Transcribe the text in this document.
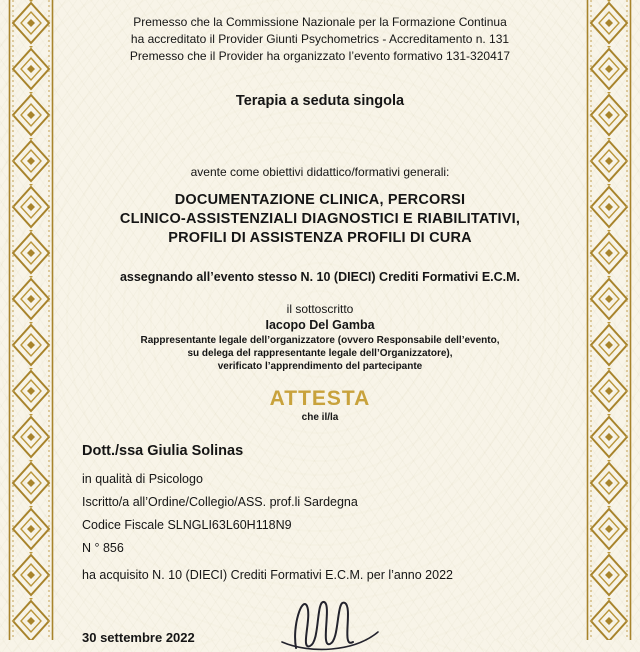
Premesso che la Commissione Nazionale per la Formazione Continua
ha accreditato il Provider Giunti Psychometrics - Accreditamento n. 131
Premesso che il Provider ha organizzato l’evento formativo 131-320417
Terapia a seduta singola
avente come obiettivi didattico/formativi generali:
DOCUMENTAZIONE CLINICA, PERCORSI
CLINICO-ASSISTENZIALI DIAGNOSTICI E RIABILITATIVI,
PROFILI DI ASSISTENZA PROFILI DI CURA
assegnando all’evento stesso N. 10 (DIECI) Crediti Formativi E.C.M.
il sottoscritto
Iacopo Del Gamba
Rappresentante legale dell’organizzatore (ovvero Responsabile dell’evento,
su delega del rappresentante legale dell’Organizzatore),
verificato l’apprendimento del partecipante
ATTESTA
che il/la
Dott./ssa Giulia Solinas
in qualità di Psicologo
Iscritto/a all’Ordine/Collegio/ASS. prof.li Sardegna
Codice Fiscale SLNGLI63L60H118N9
N ° 856
ha acquisito N. 10 (DIECI) Crediti Formativi E.C.M. per l’anno 2022
30 settembre 2022
